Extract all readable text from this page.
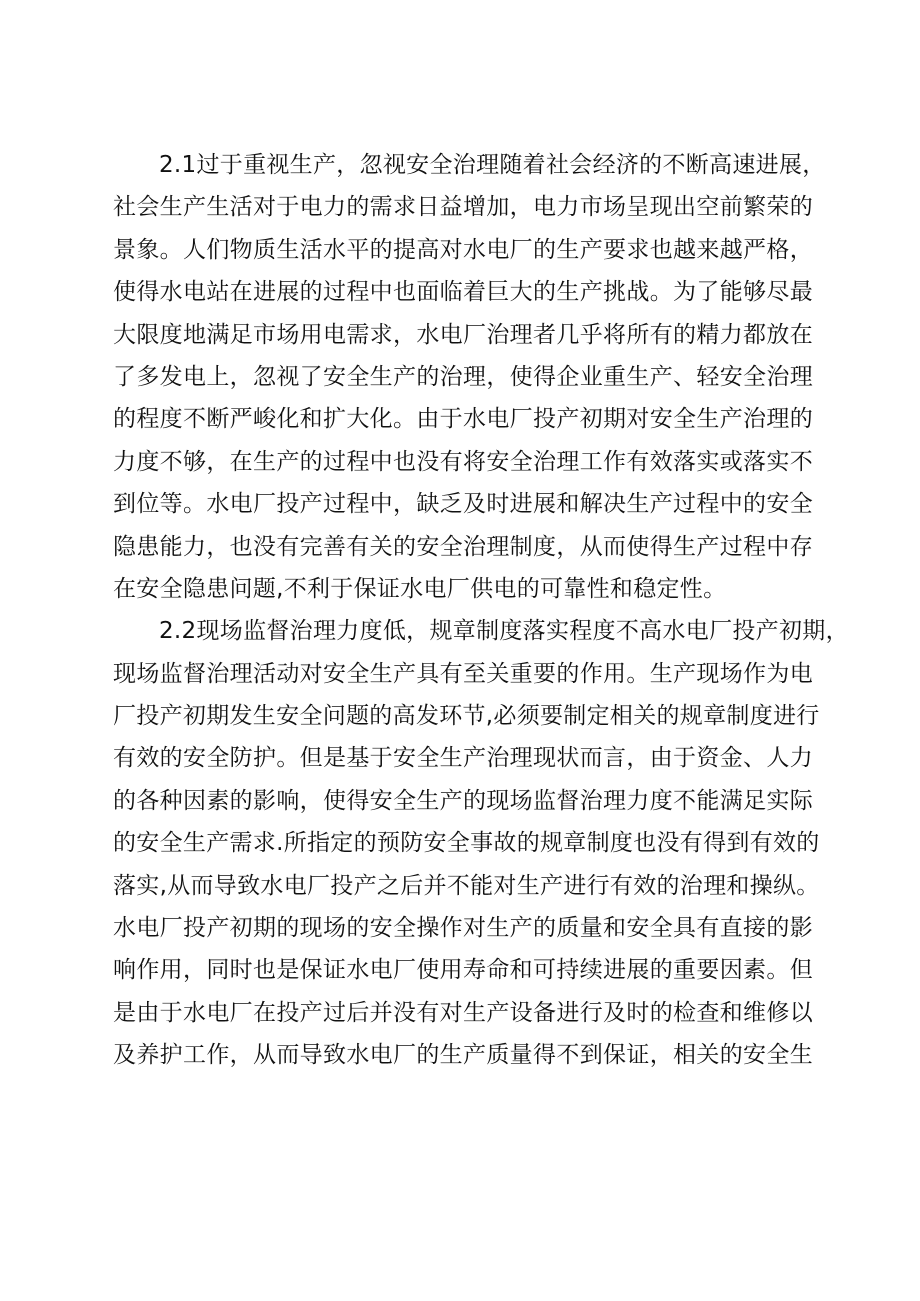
2.1过于重视生产，忽视安全治理随着社会经济的不断高速进展，
社会生产生活对于电力的需求日益增加，电力市场呈现出空前繁荣的
景象。人们物质生活水平的提高对水电厂的生产要求也越来越严格，
使得水电站在进展的过程中也面临着巨大的生产挑战。为了能够尽最
大限度地满足市场用电需求，水电厂治理者几乎将所有的精力都放在
了多发电上，忽视了安全生产的治理，使得企业重生产、轻安全治理
的程度不断严峻化和扩大化。由于水电厂投产初期对安全生产治理的
力度不够，在生产的过程中也没有将安全治理工作有效落实或落实不
到位等。水电厂投产过程中，缺乏及时进展和解决生产过程中的安全
隐患能力，也没有完善有关的安全治理制度，从而使得生产过程中存
在安全隐患问题,不利于保证水电厂供电的可靠性和稳定性。
2.2现场监督治理力度低，规章制度落实程度不高水电厂投产初期，
现场监督治理活动对安全生产具有至关重要的作用。生产现场作为电
厂投产初期发生安全问题的高发环节,必须要制定相关的规章制度进行
有效的安全防护。但是基于安全生产治理现状而言，由于资金、人力
的各种因素的影响，使得安全生产的现场监督治理力度不能满足实际
的安全生产需求.所指定的预防安全事故的规章制度也没有得到有效的
落实,从而导致水电厂投产之后并不能对生产进行有效的治理和操纵。
水电厂投产初期的现场的安全操作对生产的质量和安全具有直接的影
响作用，同时也是保证水电厂使用寿命和可持续进展的重要因素。但
是由于水电厂在投产过后并没有对生产设备进行及时的检查和维修以
及养护工作，从而导致水电厂的生产质量得不到保证，相关的安全生
